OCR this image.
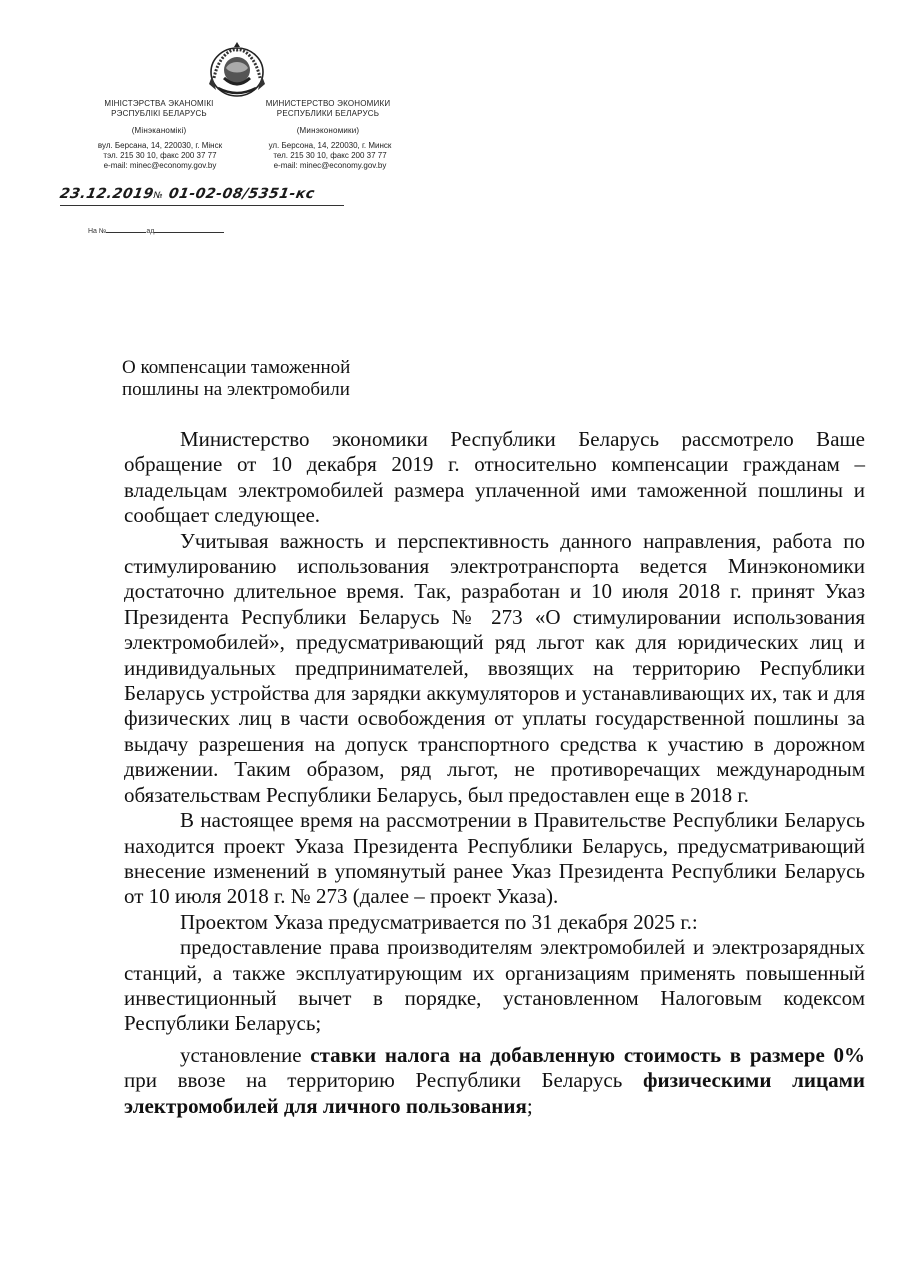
МІНІСТЭРСТВА ЭКАНОМІКІ
РЭСПУБЛІКІ БЕЛАРУСЬ
(Мінэканомікі)
вул. Берсана, 14, 220030, г. Мінск
тэл. 215 30 10, факс 200 37 77
e-mail: minec@economy.gov.by
МИНИСТЕРСТВО ЭКОНОМИКИ
РЕСПУБЛИКИ БЕЛАРУСЬ
(Минэкономики)
ул. Берсона, 14, 220030, г. Минск
тел. 215 30 10, факс 200 37 77
e-mail: minec@economy.gov.by
23.12.2019№ 01-02-08/5351-кс
На №	ад
О компенсации таможенной
пошлины на электромобили

Министерство экономики Республики Беларусь рассмотрело Ваше обращение от 10 декабря 2019 г. относительно компенсации гражданам – владельцам электромобилей размера уплаченной ими таможенной пошлины и сообщает следующее.

Учитывая важность и перспективность данного направления, работа по стимулированию использования электротранспорта ведется Минэкономики достаточно длительное время. Так, разработан и 10 июля 2018 г. принят Указ Президента Республики Беларусь № 273 «О стимулировании использования электромобилей», предусматривающий ряд льгот как для юридических лиц и индивидуальных предпринимателей, ввозящих на территорию Республики Беларусь устройства для зарядки аккумуляторов и устанавливающих их, так и для физических лиц в части освобождения от уплаты государственной пошлины за выдачу разрешения на допуск транспортного средства к участию в дорожном движении. Таким образом, ряд льгот, не противоречащих международным обязательствам Республики Беларусь, был предоставлен еще в 2018 г.

В настоящее время на рассмотрении в Правительстве Республики Беларусь находится проект Указа Президента Республики Беларусь, предусматривающий внесение изменений в упомянутый ранее Указ Президента Республики Беларусь от 10 июля 2018 г. № 273 (далее – проект Указа).

Проектом Указа предусматривается по 31 декабря 2025 г.:

предоставление права производителям электромобилей и электрозарядных станций, а также эксплуатирующим их организациям применять повышенный инвестиционный вычет в порядке, установленном Налоговым кодексом Республики Беларусь;

установление ставки налога на добавленную стоимость в размере 0% при ввозе на территорию Республики Беларусь физическими лицами электромобилей для личного пользования;
